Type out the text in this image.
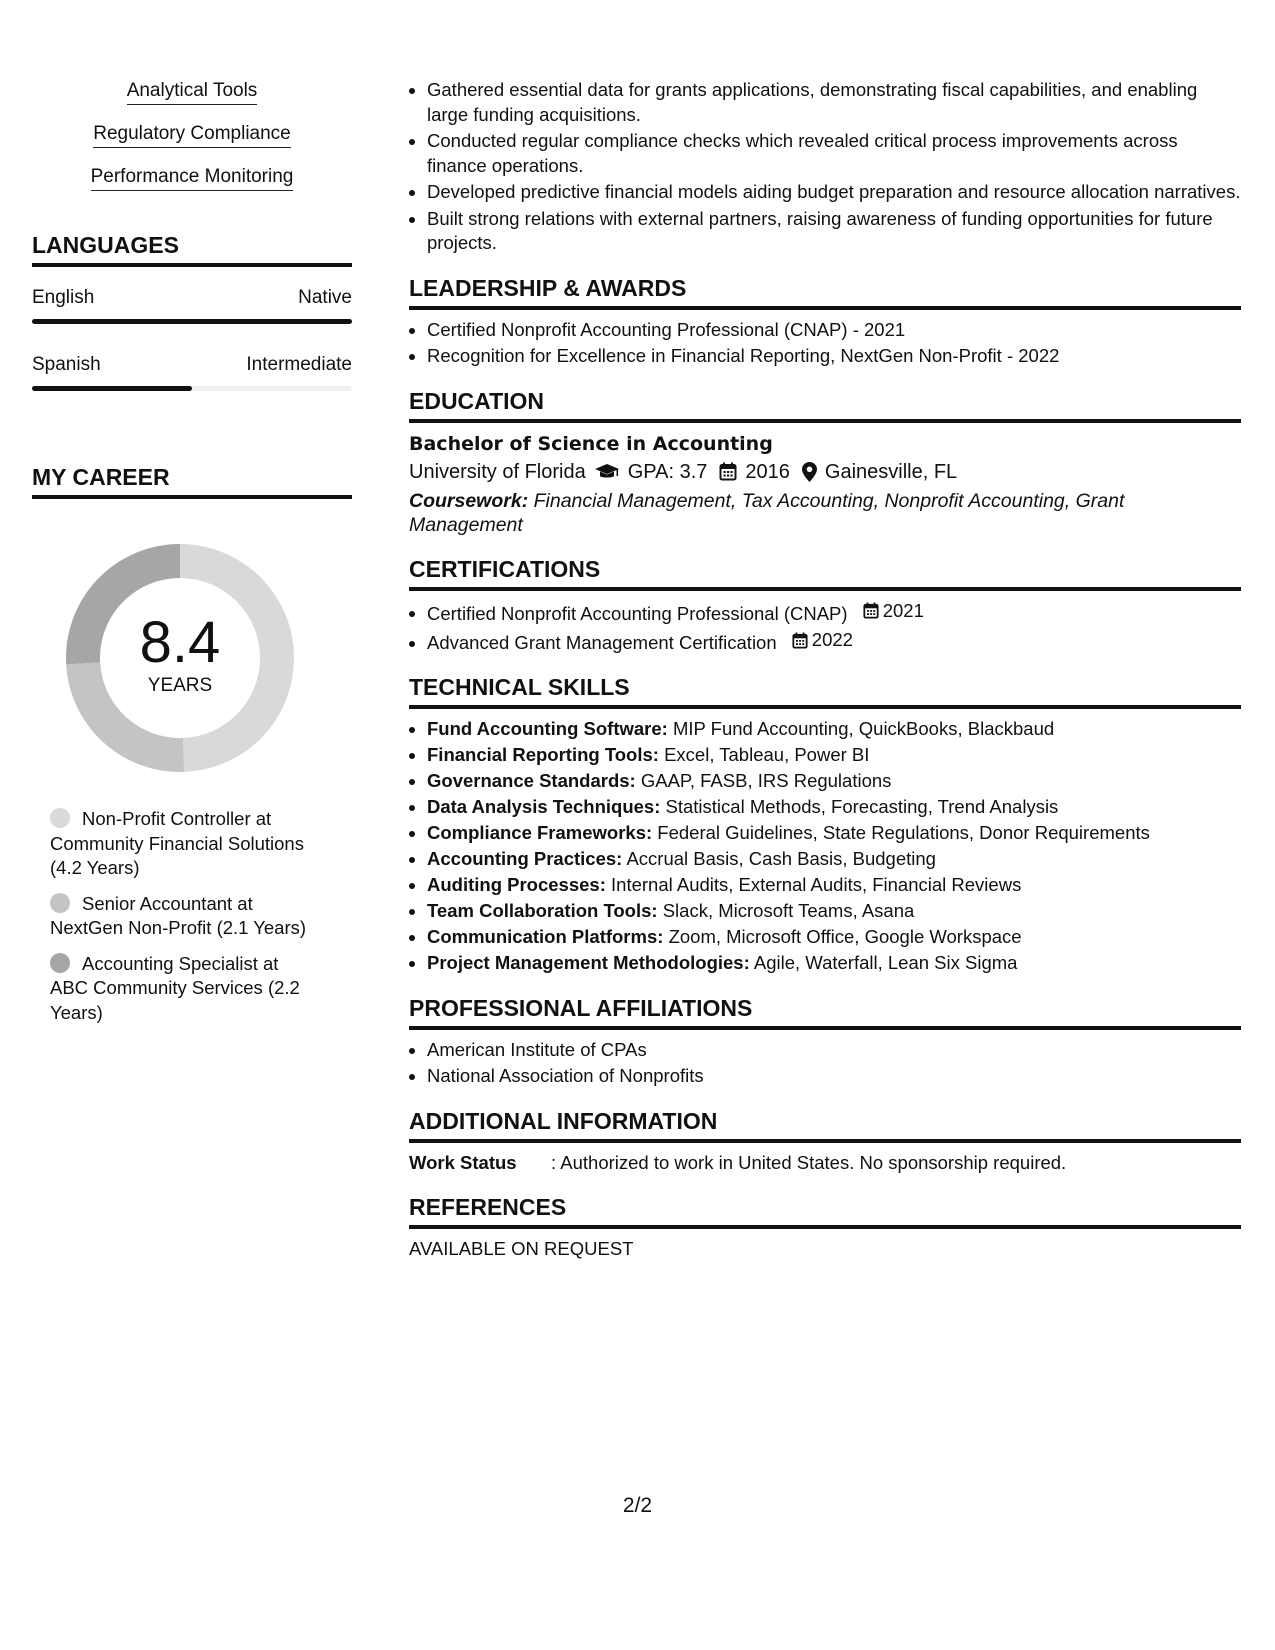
Analytical Tools
Regulatory Compliance
Performance Monitoring
LANGUAGES
English	Native
Spanish	Intermediate
MY CAREER
8.4
YEARS
Non-Profit Controller at Community Financial Solutions (4.2 Years)
Senior Accountant at NextGen Non-Profit (2.1 Years)
Accounting Specialist at ABC Community Services (2.2 Years)
• Gathered essential data for grants applications, demonstrating fiscal capabilities, and enabling large funding acquisitions.
• Conducted regular compliance checks which revealed critical process improvements across finance operations.
• Developed predictive financial models aiding budget preparation and resource allocation narratives.
• Built strong relations with external partners, raising awareness of funding opportunities for future projects.
LEADERSHIP & AWARDS
• Certified Nonprofit Accounting Professional (CNAP) - 2021
• Recognition for Excellence in Financial Reporting, NextGen Non-Profit - 2022
EDUCATION
Bachelor of Science in Accounting
University of Florida GPA: 3.7 2016 Gainesville, FL
Coursework: Financial Management, Tax Accounting, Nonprofit Accounting, Grant Management
CERTIFICATIONS
• Certified Nonprofit Accounting Professional (CNAP) 2021
• Advanced Grant Management Certification 2022
TECHNICAL SKILLS
• Fund Accounting Software: MIP Fund Accounting, QuickBooks, Blackbaud
• Financial Reporting Tools: Excel, Tableau, Power BI
• Governance Standards: GAAP, FASB, IRS Regulations
• Data Analysis Techniques: Statistical Methods, Forecasting, Trend Analysis
• Compliance Frameworks: Federal Guidelines, State Regulations, Donor Requirements
• Accounting Practices: Accrual Basis, Cash Basis, Budgeting
• Auditing Processes: Internal Audits, External Audits, Financial Reviews
• Team Collaboration Tools: Slack, Microsoft Teams, Asana
• Communication Platforms: Zoom, Microsoft Office, Google Workspace
• Project Management Methodologies: Agile, Waterfall, Lean Six Sigma
PROFESSIONAL AFFILIATIONS
• American Institute of CPAs
• National Association of Nonprofits
ADDITIONAL INFORMATION
Work Status	: Authorized to work in United States. No sponsorship required.
REFERENCES
AVAILABLE ON REQUEST
2/2
